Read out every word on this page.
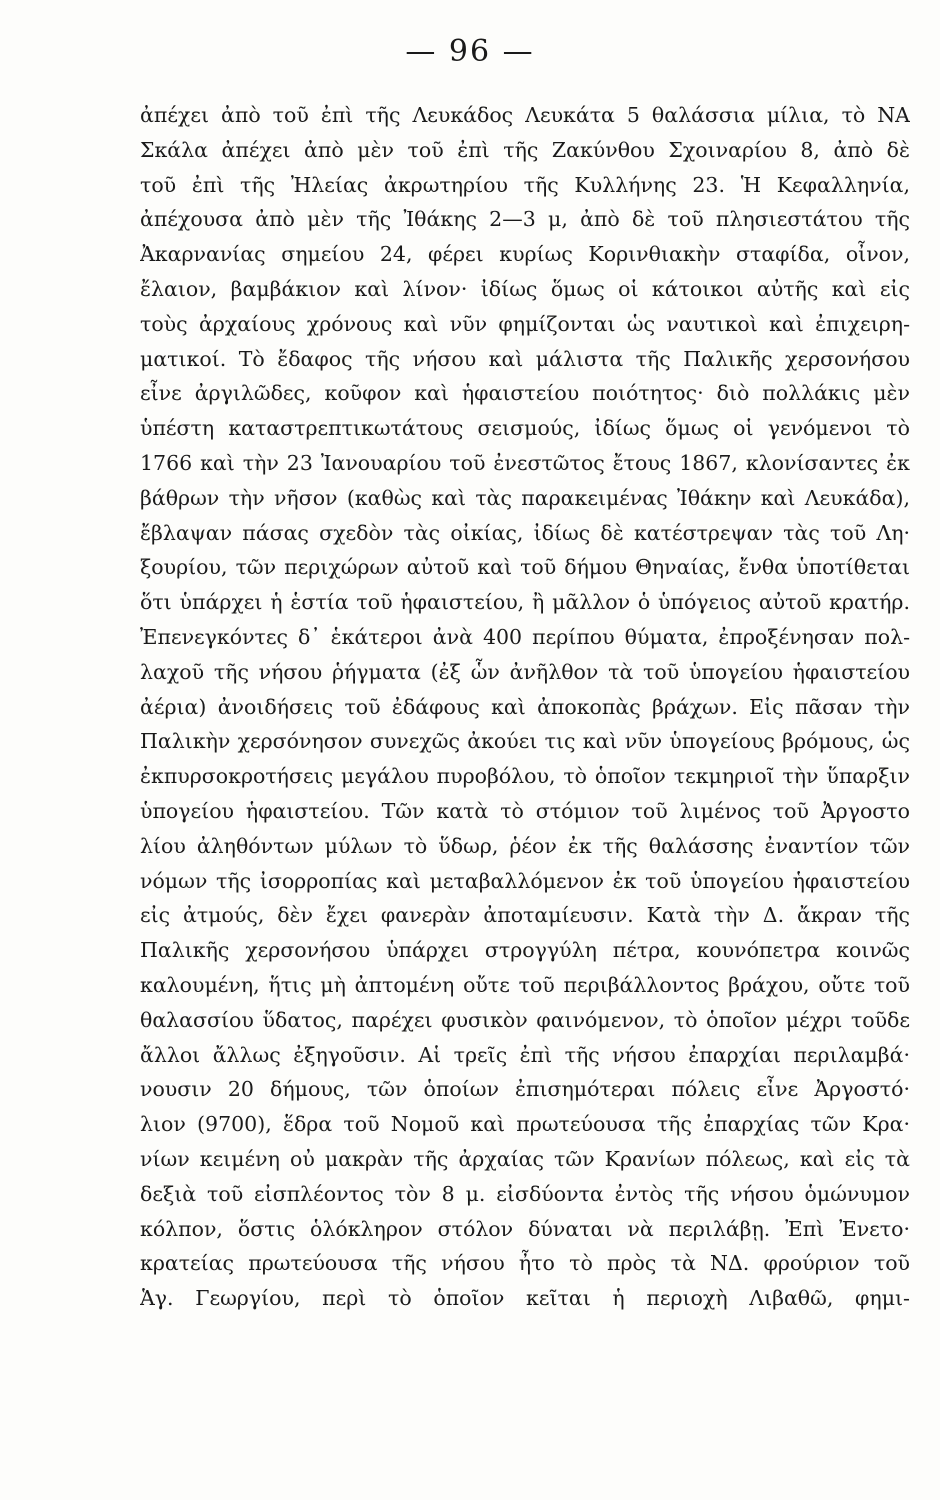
— 96 —
ἀπέχει ἀπὸ τοῦ ἐπὶ τῆς Λευκάδος Λευκάτα 5 θαλάσσια μίλια, τὸ ΝΑ
Σκάλα ἀπέχει ἀπὸ μὲν τοῦ ἐπὶ τῆς Ζακύνθου Σχοιναρίου 8, ἀπὸ δὲ
τοῦ ἐπὶ τῆς Ἠλείας ἀκρωτηρίου τῆς Κυλλήνης 23. Ἡ Κεφαλληνία,
ἀπέχουσα ἀπὸ μὲν τῆς Ἰθάκης 2—3 μ, ἀπὸ δὲ τοῦ πλησιεστάτου τῆς
Ἀκαρνανίας σημείου 24, φέρει κυρίως Κορινθιακὴν σταφίδα, οἶνον,
ἔλαιον, βαμβάκιον καὶ λίνον· ἰδίως ὅμως οἱ κάτοικοι αὐτῆς καὶ εἰς
τοὺς ἀρχαίους χρόνους καὶ νῦν φημίζονται ὡς ναυτικοὶ καὶ ἐπιχειρη-
ματικοί. Τὸ ἔδαφος τῆς νήσου καὶ μάλιστα τῆς Παλικῆς χερσονήσου
εἶνε ἀργιλῶδες, κοῦφον καὶ ἡφαιστείου ποιότητος· διὸ πολλάκις μὲν
ὑπέστη καταστρεπτικωτάτους σεισμούς, ἰδίως ὅμως οἱ γενόμενοι τὸ
1766 καὶ τὴν 23 Ἰανουαρίου τοῦ ἐνεστῶτος ἔτους 1867, κλονίσαντες ἐκ
βάθρων τὴν νῆσον (καθὼς καὶ τὰς παρακειμένας Ἰθάκην καὶ Λευκάδα),
ἔβλαψαν πάσας σχεδὸν τὰς οἰκίας, ἰδίως δὲ κατέστρεψαν τὰς τοῦ Λη·
ξουρίου, τῶν περιχώρων αὐτοῦ καὶ τοῦ δήμου Θηναίας, ἔνθα ὑποτίθεται
ὅτι ὑπάρχει ἡ ἑστία τοῦ ἡφαιστείου, ἢ μᾶλλον ὁ ὑπόγειος αὐτοῦ κρατήρ.
Ἐπενεγκόντες δ᾽ ἑκάτεροι ἀνὰ 400 περίπου θύματα, ἐπροξένησαν πολ-
λαχοῦ τῆς νήσου ῥήγματα (ἐξ ὧν ἀνῆλθον τὰ τοῦ ὑπογείου ἡφαιστείου
ἀέρια) ἀνοιδήσεις τοῦ ἐδάφους καὶ ἀποκοπὰς βράχων. Εἰς πᾶσαν τὴν
Παλικὴν χερσόνησον συνεχῶς ἀκούει τις καὶ νῦν ὑπογείους βρόμους, ὡς
ἐκπυρσοκροτήσεις μεγάλου πυροβόλου, τὸ ὁποῖον τεκμηριοῖ τὴν ὕπαρξιν
ὑπογείου ἡφαιστείου. Τῶν κατὰ τὸ στόμιον τοῦ λιμένος τοῦ Ἀργοστο
λίου ἀληθόντων μύλων τὸ ὕδωρ, ῥέον ἐκ τῆς θαλάσσης ἐναντίον τῶν
νόμων τῆς ἰσορροπίας καὶ μεταβαλλόμενον ἐκ τοῦ ὑπογείου ἡφαιστείου
εἰς ἀτμούς, δὲν ἔχει φανερὰν ἀποταμίευσιν. Κατὰ τὴν Δ. ἄκραν τῆς
Παλικῆς χερσονήσου ὑπάρχει στρογγύλη πέτρα, κουνόπετρα κοινῶς
καλουμένη, ἥτις μὴ ἀπτομένη οὔτε τοῦ περιβάλλοντος βράχου, οὔτε τοῦ
θαλασσίου ὕδατος, παρέχει φυσικὸν φαινόμενον, τὸ ὁποῖον μέχρι τοῦδε
ἄλλοι ἄλλως ἐξηγοῦσιν. Αἱ τρεῖς ἐπὶ τῆς νήσου ἐπαρχίαι περιλαμβά·
νουσιν 20 δήμους, τῶν ὁποίων ἐπισημότεραι πόλεις εἶνε Ἀργοστό·
λιον (9700), ἕδρα τοῦ Νομοῦ καὶ πρωτεύουσα τῆς ἐπαρχίας τῶν Κρα·
νίων κειμένη οὐ μακρὰν τῆς ἀρχαίας τῶν Κρανίων πόλεως, καὶ εἰς τὰ
δεξιὰ τοῦ εἰσπλέοντος τὸν 8 μ. εἰσδύοντα ἐντὸς τῆς νήσου ὁμώνυμον
κόλπον, ὅστις ὁλόκληρον στόλον δύναται νὰ περιλάβῃ. Ἐπὶ Ἐνετο·
κρατείας πρωτεύουσα τῆς νήσου ἦτο τὸ πρὸς τὰ ΝΔ. φρούριον τοῦ
Ἁγ. Γεωργίου, περὶ τὸ ὁποῖον κεῖται ἡ περιοχὴ Λιβαθῶ, φημι-
